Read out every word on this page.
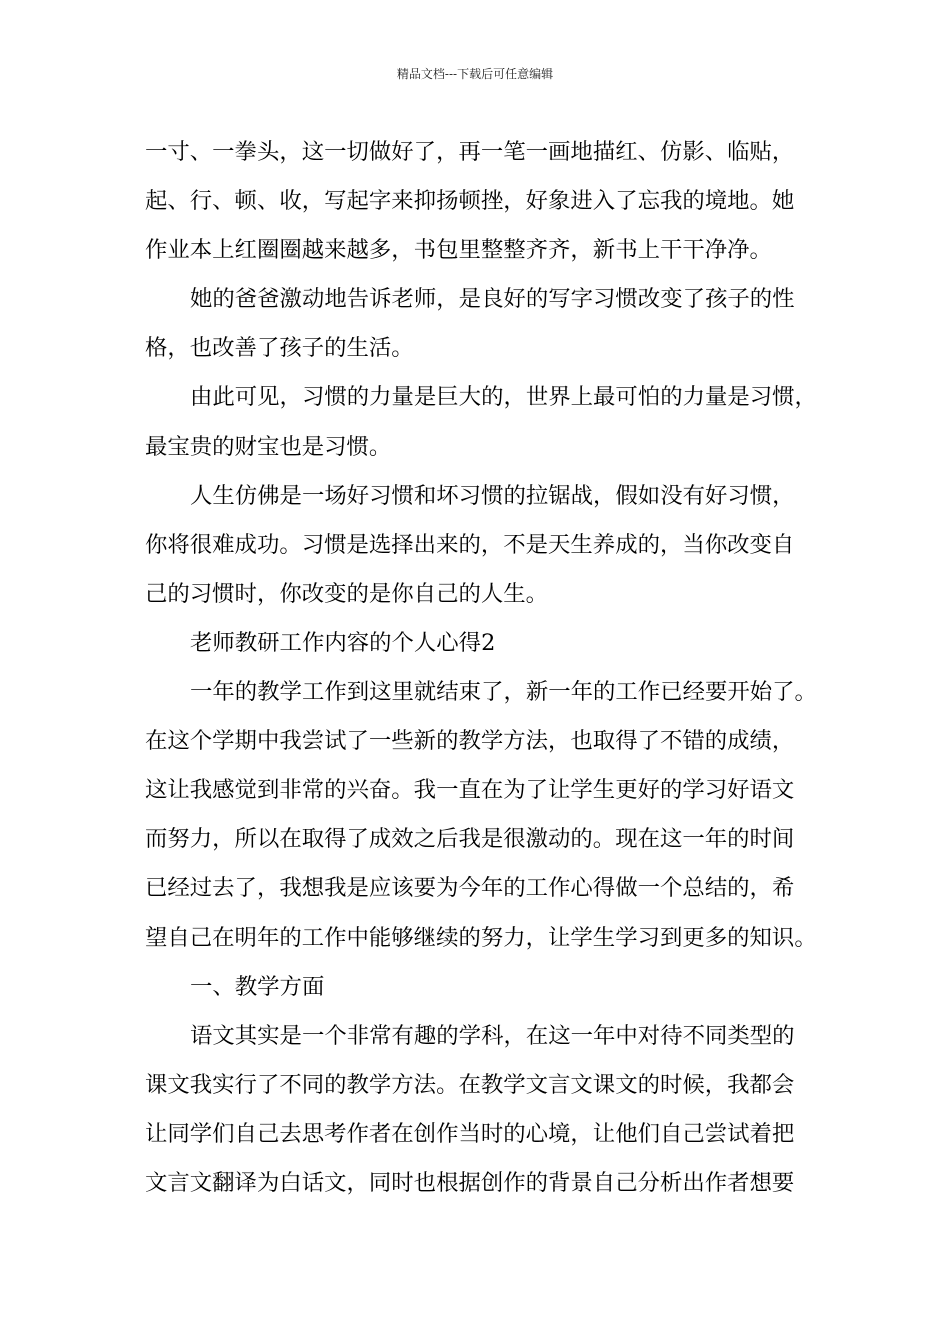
精品文档---下载后可任意编辑
一寸、一拳头，这一切做好了，再一笔一画地描红、仿影、临贴，
起、行、顿、收，写起字来抑扬顿挫，好象进入了忘我的境地。她
作业本上红圈圈越来越多，书包里整整齐齐，新书上干干净净。
她的爸爸激动地告诉老师，是良好的写字习惯改变了孩子的性
格，也改善了孩子的生活。
由此可见，习惯的力量是巨大的，世界上最可怕的力量是习惯，
最宝贵的财宝也是习惯。
人生仿佛是一场好习惯和坏习惯的拉锯战，假如没有好习惯，
你将很难成功。习惯是选择出来的，不是天生养成的，当你改变自
己的习惯时，你改变的是你自己的人生。
老师教研工作内容的个人心得2
一年的教学工作到这里就结束了，新一年的工作已经要开始了。
在这个学期中我尝试了一些新的教学方法，也取得了不错的成绩，
这让我感觉到非常的兴奋。我一直在为了让学生更好的学习好语文
而努力，所以在取得了成效之后我是很激动的。现在这一年的时间
已经过去了，我想我是应该要为今年的工作心得做一个总结的，希
望自己在明年的工作中能够继续的努力，让学生学习到更多的知识。
一、教学方面
语文其实是一个非常有趣的学科，在这一年中对待不同类型的
课文我实行了不同的教学方法。在教学文言文课文的时候，我都会
让同学们自己去思考作者在创作当时的心境，让他们自己尝试着把
文言文翻译为白话文，同时也根据创作的背景自己分析出作者想要
